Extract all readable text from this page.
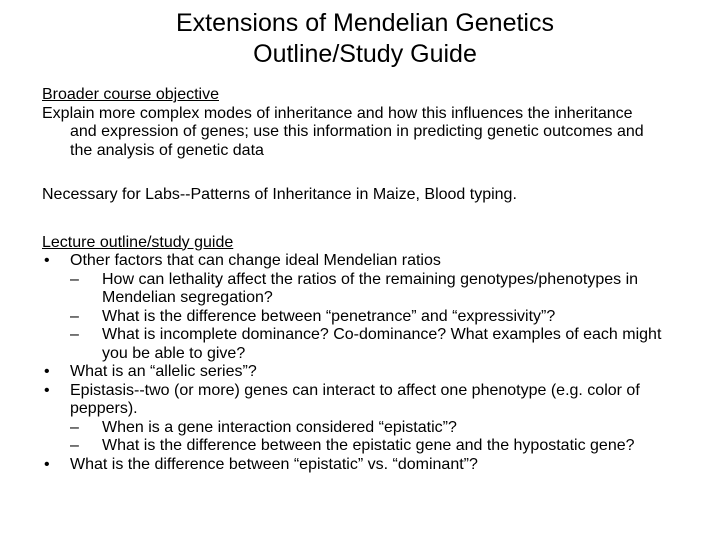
Extensions of Mendelian Genetics
Outline/Study Guide
Broader course objective
Explain more complex modes of inheritance and how this influences the inheritance and expression of genes; use this information in predicting genetic outcomes and the analysis of genetic data
Necessary for Labs--Patterns of Inheritance in Maize, Blood typing.
Lecture outline/study guide
• Other factors that can change ideal Mendelian ratios
– How can lethality affect the ratios of the remaining genotypes/phenotypes in Mendelian segregation?
– What is the difference between “penetrance” and “expressivity”?
– What is incomplete dominance? Co-dominance? What examples of each might you be able to give?
• What is an “allelic series”?
• Epistasis--two (or more) genes can interact to affect one phenotype (e.g. color of peppers).
– When is a gene interaction considered “epistatic”?
– What is the difference between the epistatic gene and the hypostatic gene?
• What is the difference between “epistatic” vs. “dominant”?
